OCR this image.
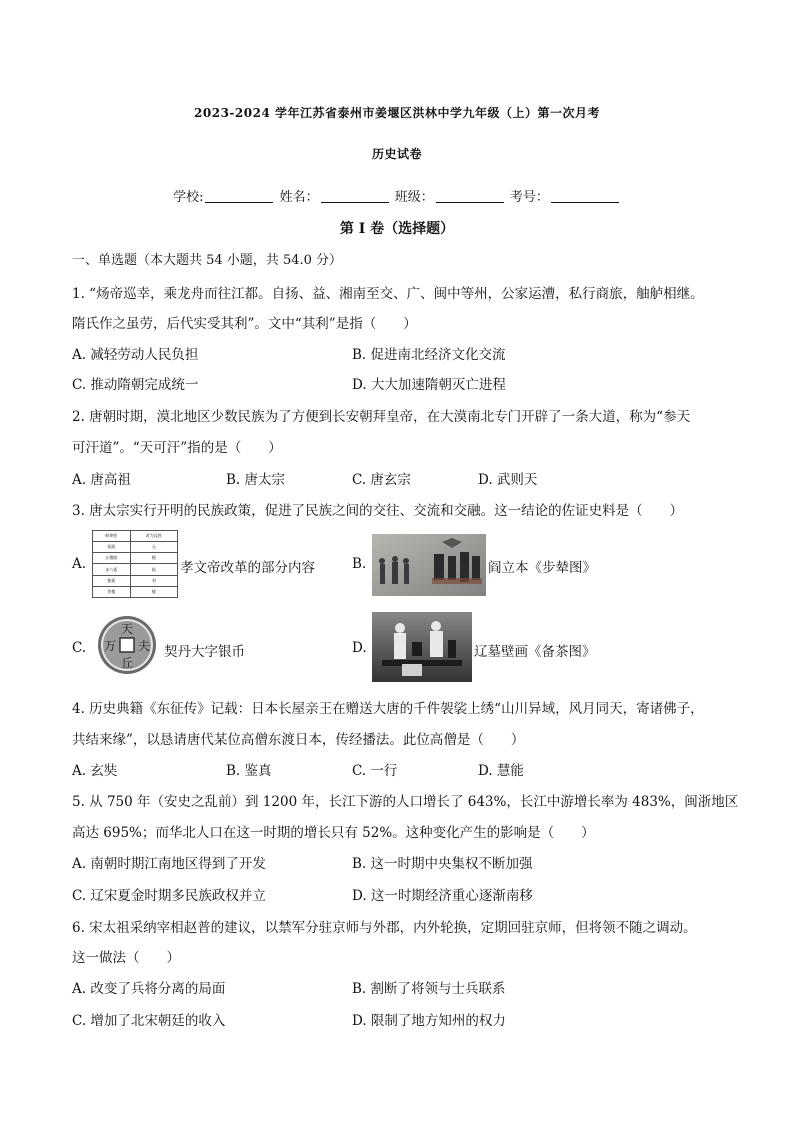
2023-2024 学年江苏省泰州市姜堰区洪林中学九年级（上）第一次月考
历史试卷
学校:	姓名：	班级：	考号：
第 I 卷（选择题）
一、单选题（本大题共 54 小题，共 54.0 分）
1. “炀帝巡幸，乘龙舟而往江都。自扬、益、湘南至交、广、闽中等州，公家运漕，私行商旅，舳舻相继。
隋氏作之虽劳，后代实受其利”。文中“其利”是指（　　）
A. 减轻劳动人民负担	B. 促进南北经济文化交流
C. 推动隋朝完成统一	D. 大大加速隋朝灭亡进程
2. 唐朝时期，漠北地区少数民族为了方便到长安朝拜皇帝，在大漠南北专门开辟了一条大道，称为“参天
可汗道”。“天可汗”指的是（　　）
A. 唐高祖	B. 唐太宗	C. 唐玄宗	D. 武则天
3. 唐太宗实行开明的民族政策，促进了民族之间的交往、交流和交融。这一结论的佐证史料是（　　）
A.
鲜卑姓	改为汉姓
拓跋	元
丘穆陵	穆
步六孤	陆
独孤	刘
贺楼	楼
孝文帝改革的部分内容	B.	阎立本《步辇图》
C.
天
万
丘
夫 契丹大字银币	D.	辽墓壁画《备茶图》
4. 历史典籍《东征传》记载：日本长屋亲王在赠送大唐的千件袈裟上绣“山川异域，风月同天，寄诸佛子，
共结来缘”，以恳请唐代某位高僧东渡日本，传经播法。此位高僧是（　　）
A. 玄奘	B. 鉴真	C. 一行	D. 慧能
5. 从 750 年（安史之乱前）到 1200 年，长江下游的人口增长了 643%，长江中游增长率为 483%，闽浙地区
高达 695%；而华北人口在这一时期的增长只有 52%。这种变化产生的影响是（　　）
A. 南朝时期江南地区得到了开发	B. 这一时期中央集权不断加强
C. 辽宋夏金时期多民族政权并立	D. 这一时期经济重心逐渐南移
6. 宋太祖采纳宰相赵普的建议，以禁军分驻京师与外郡，内外轮换，定期回驻京师，但将领不随之调动。
这一做法（　　）
A. 改变了兵将分离的局面	B. 割断了将领与士兵联系
C. 增加了北宋朝廷的收入	D. 限制了地方知州的权力
